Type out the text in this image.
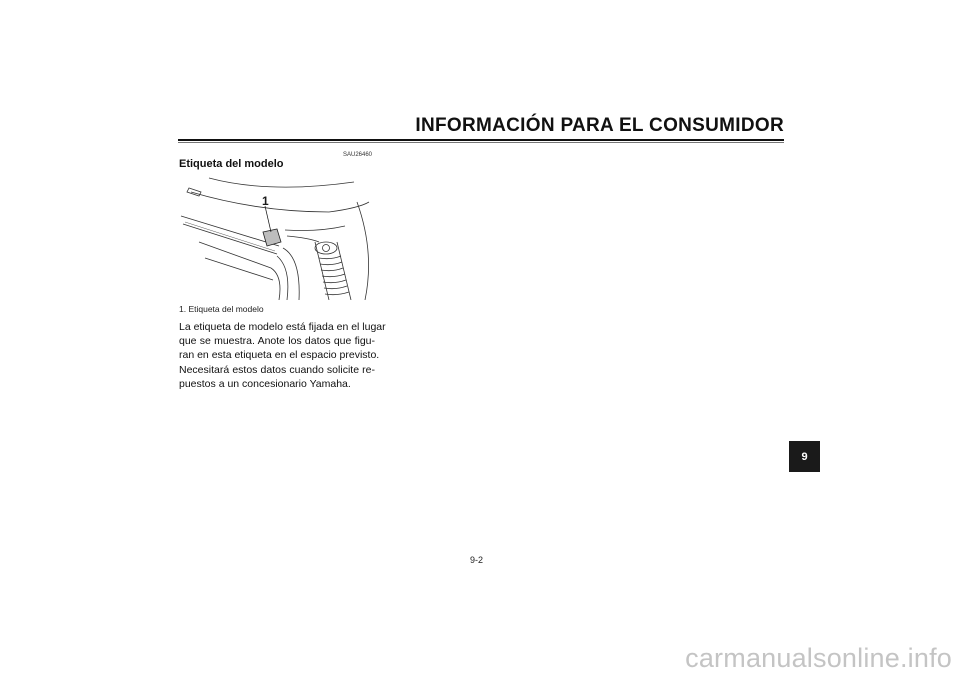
INFORMACIÓN PARA EL CONSUMIDOR
SAU26460
Etiqueta del modelo
1
1. Etiqueta del modelo
La etiqueta de modelo está fijada en el lugar
que se muestra. Anote los datos que figu-
ran en esta etiqueta en el espacio previsto.
Necesitará estos datos cuando solicite re-
puestos a un concesionario Yamaha.
9
9-2
carmanualsonline.info
